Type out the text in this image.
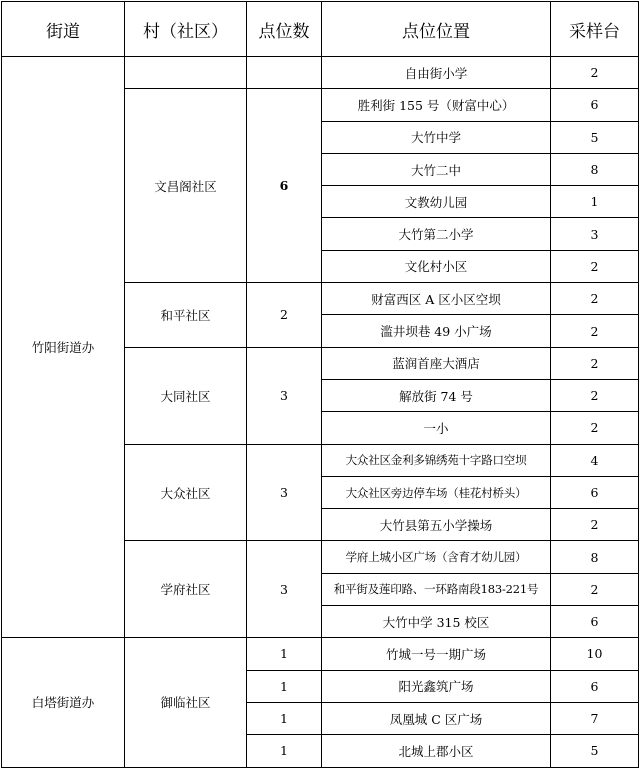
街道	村（社区）	点位数	点位位置	采样台
竹阳街道办			自由街小学	2
	文昌阁社区	6	胜利街 155 号（财富中心）	6
			大竹中学	5
			大竹二中	8
			文教幼儿园	1
			大竹第二小学	3
			文化村小区	2
	和平社区	2	财富西区 A 区小区空坝	2
			滥井坝巷 49 小广场	2
	大同社区	3	蓝润首座大酒店	2
			解放街 74 号	2
			一小	2
	大众社区	3	大众社区金利多锦绣苑十字路口空坝	4
			大众社区旁边停车场（桂花村桥头）	6
			大竹县第五小学操场	2
	学府社区	3	学府上城小区广场（含育才幼儿园）	8
			和平街及莲印路、一环路南段183-221号	2
			大竹中学 315 校区	6
白塔街道办	御临社区	1	竹城一号一期广场	10
		1	阳光鑫筑广场	6
		1	凤凰城 C 区广场	7
		1	北城上郡小区	5
